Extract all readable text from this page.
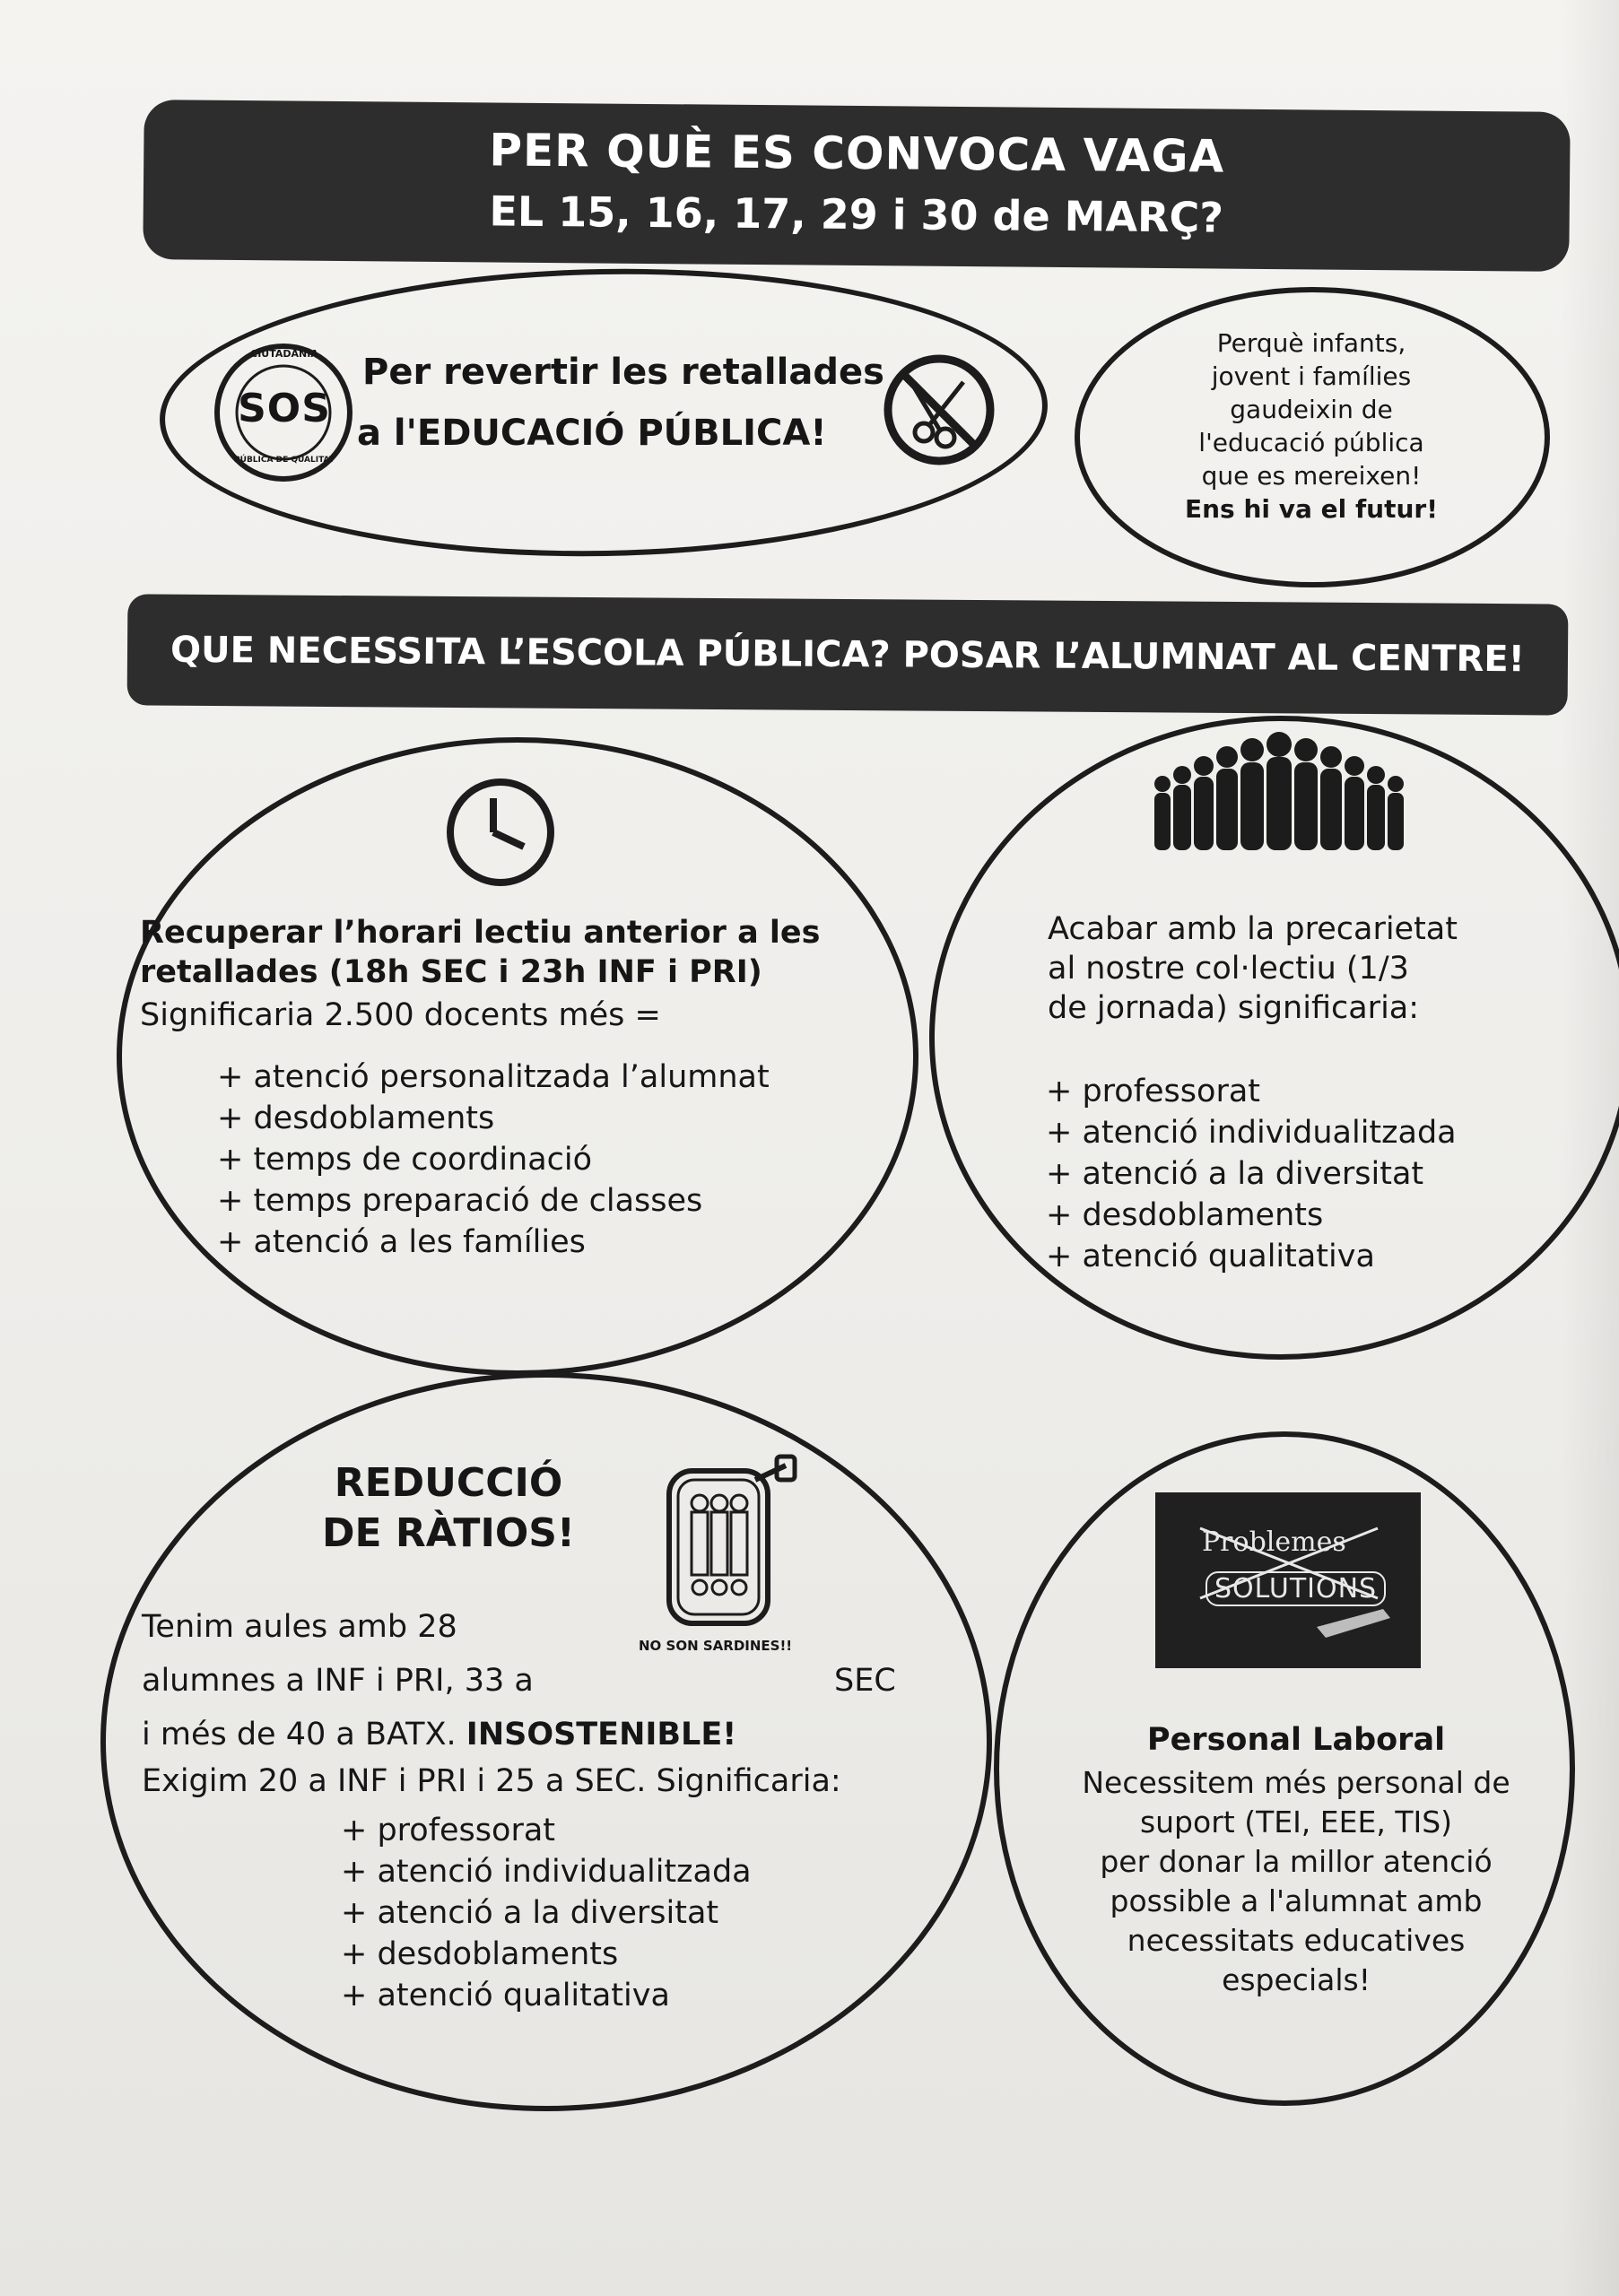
PER QUÈ ES CONVOCA VAGA
EL 15, 16, 17, 29 i 30 de MARÇ?
SOS
CIUTADANIA
PÚBLICA DE QUALITAT
Per revertir les retallades
a l'EDUCACIÓ PÚBLICA!
Perquè infants,
jovent i famílies
gaudeixin de
l'educació pública
que es mereixen!
Ens hi va el futur!
QUE NECESSITA L’ESCOLA PÚBLICA? POSAR L’ALUMNAT AL CENTRE!
Recuperar l’horari lectiu anterior a les
retallades (18h SEC i 23h INF i PRI)
Significaria 2.500 docents més =
+ atenció personalitzada l’alumnat
+ desdoblaments
+ temps de coordinació
+ temps preparació de classes
+ atenció a les famílies
Acabar amb la precarietat
al nostre col·lectiu (1/3
de jornada) significaria:
+ professorat
+ atenció individualitzada
+ atenció a la diversitat
+ desdoblaments
+ atenció qualitativa
REDUCCIÓ
DE RÀTIOS!
NO SON SARDINES!!
Tenim aules amb 28
alumnes a INF i PRI, 33 a	SEC
i més de 40 a BATX. INSOSTENIBLE!
Exigim 20 a INF i PRI i 25 a SEC. Significaria:
+ professorat
+ atenció individualitzada
+ atenció a la diversitat
+ desdoblaments
+ atenció qualitativa
Problemes
SOLUTIONS
Personal Laboral
Necessitem més personal de
suport (TEI, EEE, TIS)
per donar la millor atenció
possible a l'alumnat amb
necessitats educatives
especials!
